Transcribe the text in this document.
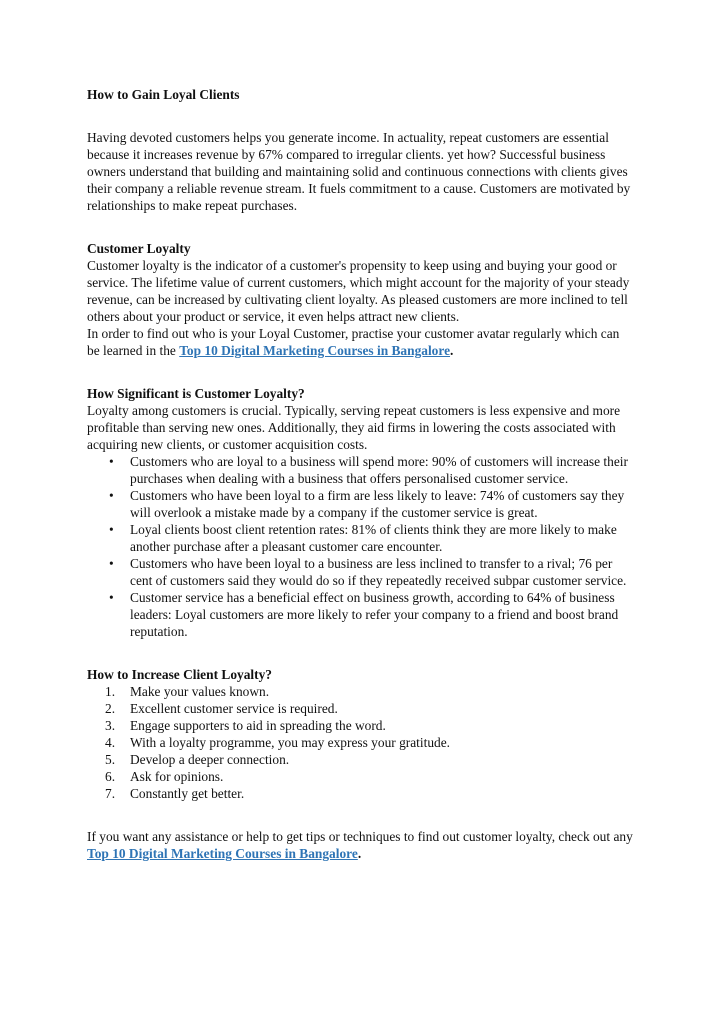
How to Gain Loyal Clients

Having devoted customers helps you generate income. In actuality, repeat customers are essential because it increases revenue by 67% compared to irregular clients. yet how? Successful business owners understand that building and maintaining solid and continuous connections with clients gives their company a reliable revenue stream. It fuels commitment to a cause. Customers are motivated by relationships to make repeat purchases.

Customer Loyalty

Customer loyalty is the indicator of a customer's propensity to keep using and buying your good or service. The lifetime value of current customers, which might account for the majority of your steady revenue, can be increased by cultivating client loyalty. As pleased customers are more inclined to tell others about your product or service, it even helps attract new clients.

In order to find out who is your Loyal Customer, practise your customer avatar regularly which can be learned in the Top 10 Digital Marketing Courses in Bangalore.

How Significant is Customer Loyalty?

Loyalty among customers is crucial. Typically, serving repeat customers is less expensive and more profitable than serving new ones. Additionally, they aid firms in lowering the costs associated with acquiring new clients, or customer acquisition costs.

• Customers who are loyal to a business will spend more: 90% of customers will increase their purchases when dealing with a business that offers personalised customer service.
• Customers who have been loyal to a firm are less likely to leave: 74% of customers say they will overlook a mistake made by a company if the customer service is great.
• Loyal clients boost client retention rates: 81% of clients think they are more likely to make another purchase after a pleasant customer care encounter.
• Customers who have been loyal to a business are less inclined to transfer to a rival; 76 per cent of customers said they would do so if they repeatedly received subpar customer service.
• Customer service has a beneficial effect on business growth, according to 64% of business leaders: Loyal customers are more likely to refer your company to a friend and boost brand reputation.

How to Increase Client Loyalty?

1. Make your values known.
2. Excellent customer service is required.
3. Engage supporters to aid in spreading the word.
4. With a loyalty programme, you may express your gratitude.
5. Develop a deeper connection.
6. Ask for opinions.
7. Constantly get better.

If you want any assistance or help to get tips or techniques to find out customer loyalty, check out any Top 10 Digital Marketing Courses in Bangalore.
